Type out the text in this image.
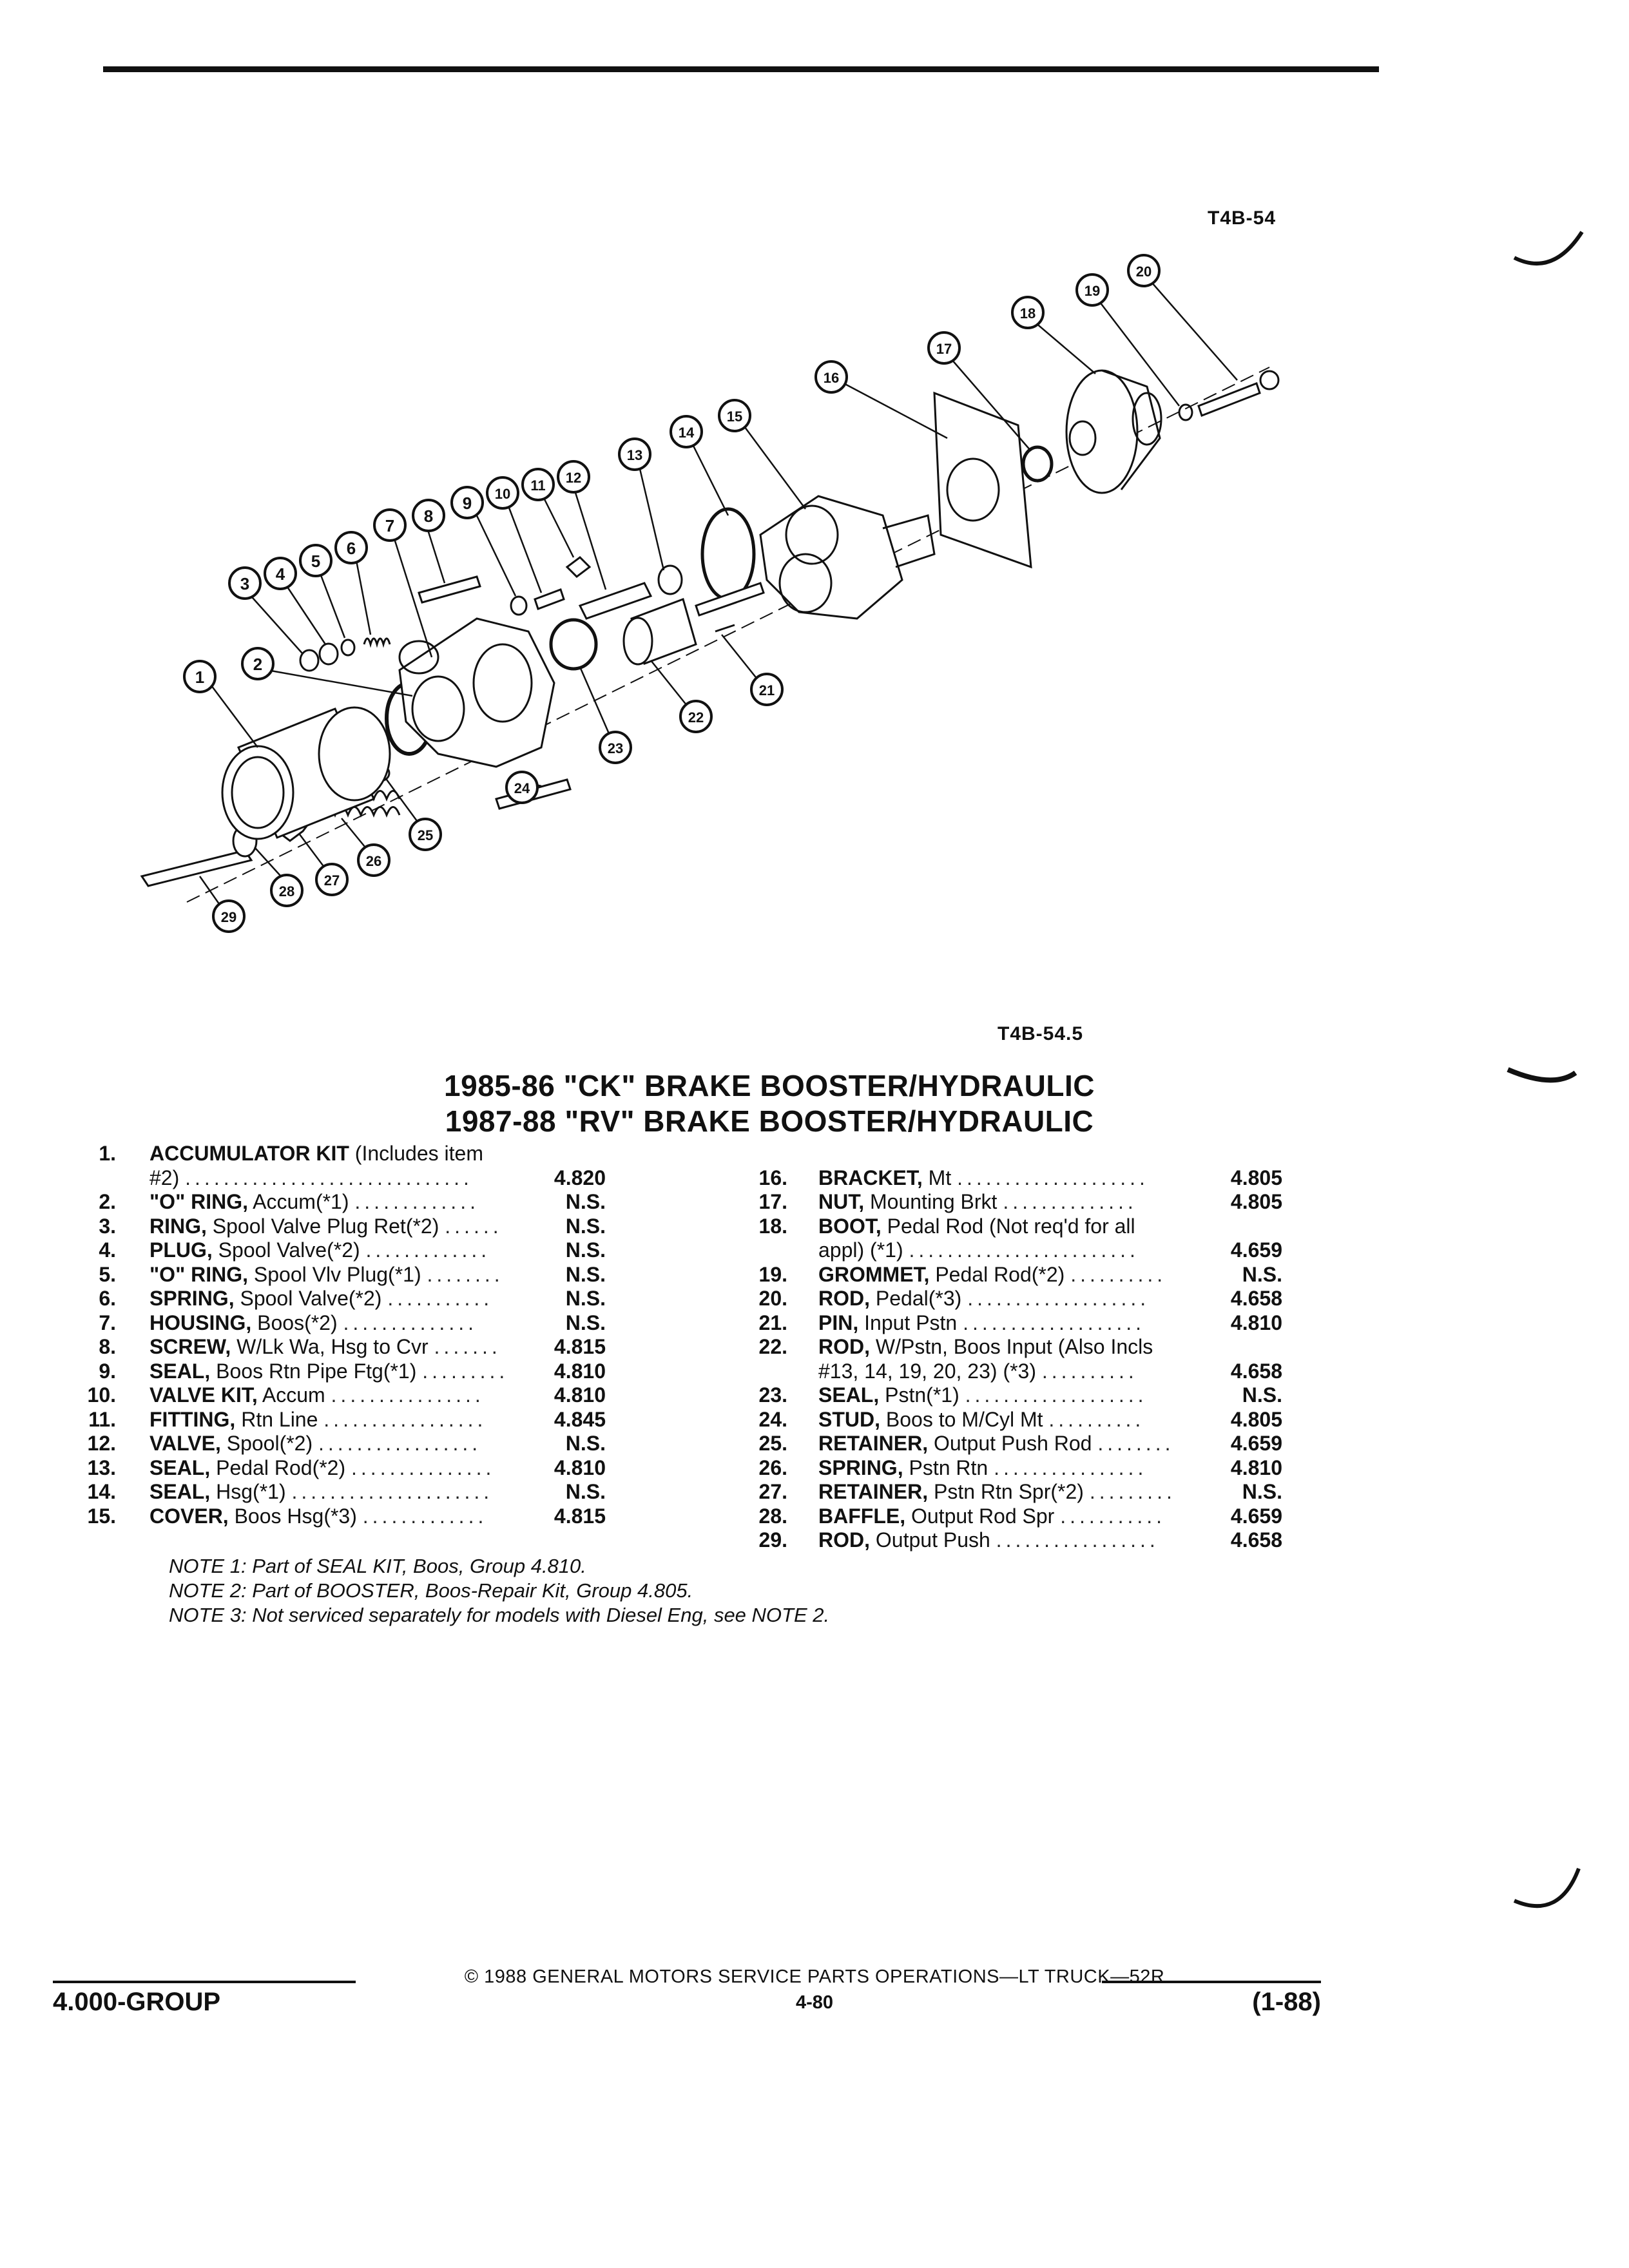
T4B-54
1
2
3 4
5
6
7 8
9 10
11 12
13
14
15
16
17
18
19
20
21
22
23
24
25
26
27
28
29
T4B-54.5
1985-86 "CK" BRAKE BOOSTER/HYDRAULIC
1987-88 "RV" BRAKE BOOSTER/HYDRAULIC
1. ACCUMULATOR KIT (Includes item
#2) ..............................	4.820
2. "O" RING, Accum(*1) .............	N.S.
3. RING, Spool Valve Plug Ret(*2) ......	N.S.
4. PLUG, Spool Valve(*2) .............	N.S.
5. "O" RING, Spool Vlv Plug(*1) ........	N.S.
6. SPRING, Spool Valve(*2) ...........	N.S.
7. HOUSING, Boos(*2) ..............	N.S.
8. SCREW, W/Lk Wa, Hsg to Cvr .......	4.815
9. SEAL, Boos Rtn Pipe Ftg(*1) .........	4.810
10. VALVE KIT, Accum ................	4.810
11. FITTING, Rtn Line .................	4.845
12. VALVE, Spool(*2) .................	N.S.
13. SEAL, Pedal Rod(*2) ...............	4.810
14. SEAL, Hsg(*1) .....................	N.S.
15. COVER, Boos Hsg(*3) .............	4.815
16. BRACKET, Mt ....................	4.805
17. NUT, Mounting Brkt ..............	4.805
18. BOOT, Pedal Rod (Not req'd for all
appl) (*1) ........................	4.659
19. GROMMET, Pedal Rod(*2) ..........	N.S.
20. ROD, Pedal(*3) ...................	4.658
21. PIN, Input Pstn ...................	4.810
22. ROD, W/Pstn, Boos Input (Also Incls
#13, 14, 19, 20, 23) (*3) ..........	4.658
23. SEAL, Pstn(*1) ...................	N.S.
24. STUD, Boos to M/Cyl Mt ..........	4.805
25. RETAINER, Output Push Rod ........	4.659
26. SPRING, Pstn Rtn ................	4.810
27. RETAINER, Pstn Rtn Spr(*2) .........	N.S.
28. BAFFLE, Output Rod Spr ...........	4.659
29. ROD, Output Push .................	4.658
NOTE 1: Part of SEAL KIT, Boos, Group 4.810.
NOTE 2: Part of BOOSTER, Boos-Repair Kit, Group 4.805.
NOTE 3: Not serviced separately for models with Diesel Eng, see NOTE 2.
© 1988 GENERAL MOTORS SERVICE PARTS OPERATIONS—LT TRUCK—52R
4.000-GROUP	4-80	(1-88)
